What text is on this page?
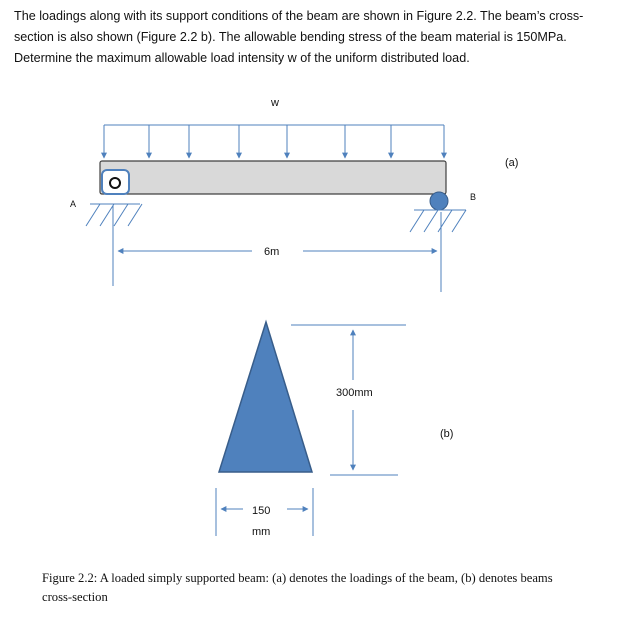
The loadings along with its support conditions of the beam are shown in Figure 2.2. The beam’s cross-
section is also shown (Figure 2.2 b). The allowable bending stress of the beam material is 150MPa.
Determine the maximum allowable load intensity w of the uniform distributed load.
w
A
B
6m
(a)
300mm
(b)
150
mm
Figure 2.2: A loaded simply supported beam: (a) denotes the loadings of the beam, (b) denotes beams
cross-section
